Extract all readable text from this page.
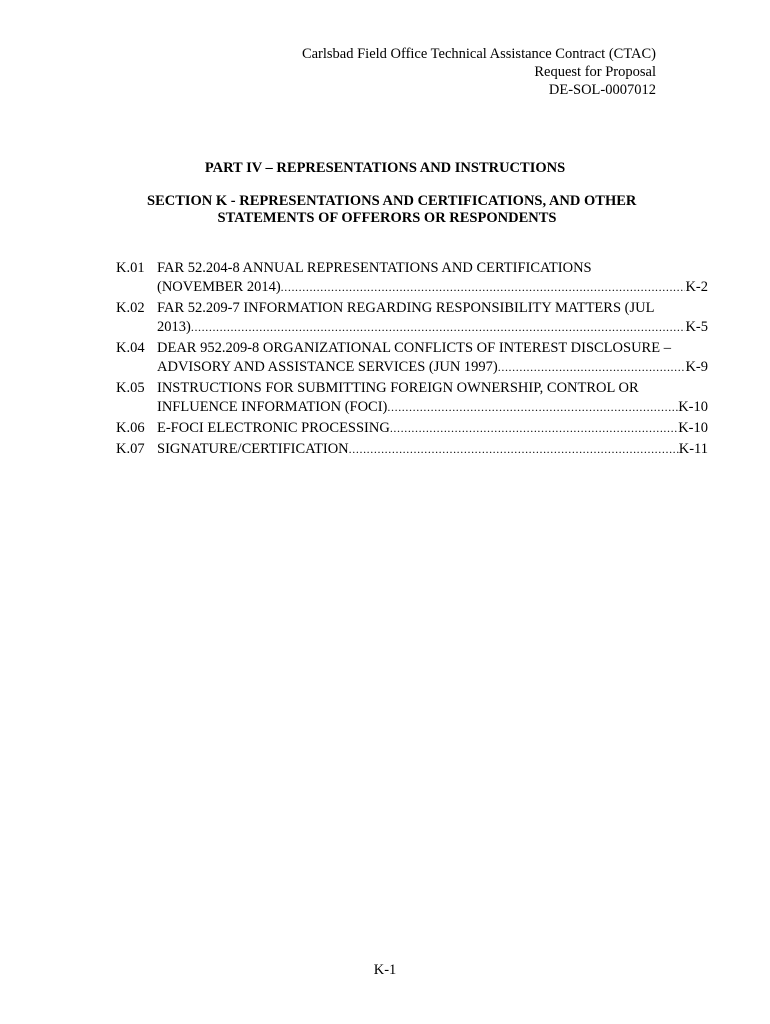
Carlsbad Field Office Technical Assistance Contract (CTAC)
Request for Proposal
DE-SOL-0007012
PART IV – REPRESENTATIONS AND INSTRUCTIONS
SECTION K - REPRESENTATIONS AND CERTIFICATIONS, AND OTHER
STATEMENTS OF OFFERORS OR RESPONDENTS
K.01 FAR 52.204-8 ANNUAL REPRESENTATIONS AND CERTIFICATIONS
(NOVEMBER 2014) . . .	K-2
K.02 FAR 52.209-7 INFORMATION REGARDING RESPONSIBILITY MATTERS (JUL
2013) . . .	K-5
K.04 DEAR 952.209-8 ORGANIZATIONAL CONFLICTS OF INTEREST DISCLOSURE –
ADVISORY AND ASSISTANCE SERVICES (JUN 1997) . . .	K-9
K.05 INSTRUCTIONS FOR SUBMITTING FOREIGN OWNERSHIP, CONTROL OR
INFLUENCE INFORMATION (FOCI) . . .	K-10
K.06 E-FOCI ELECTRONIC PROCESSING . . .	K-10
K.07 SIGNATURE/CERTIFICATION . . .	K-11
K-1
